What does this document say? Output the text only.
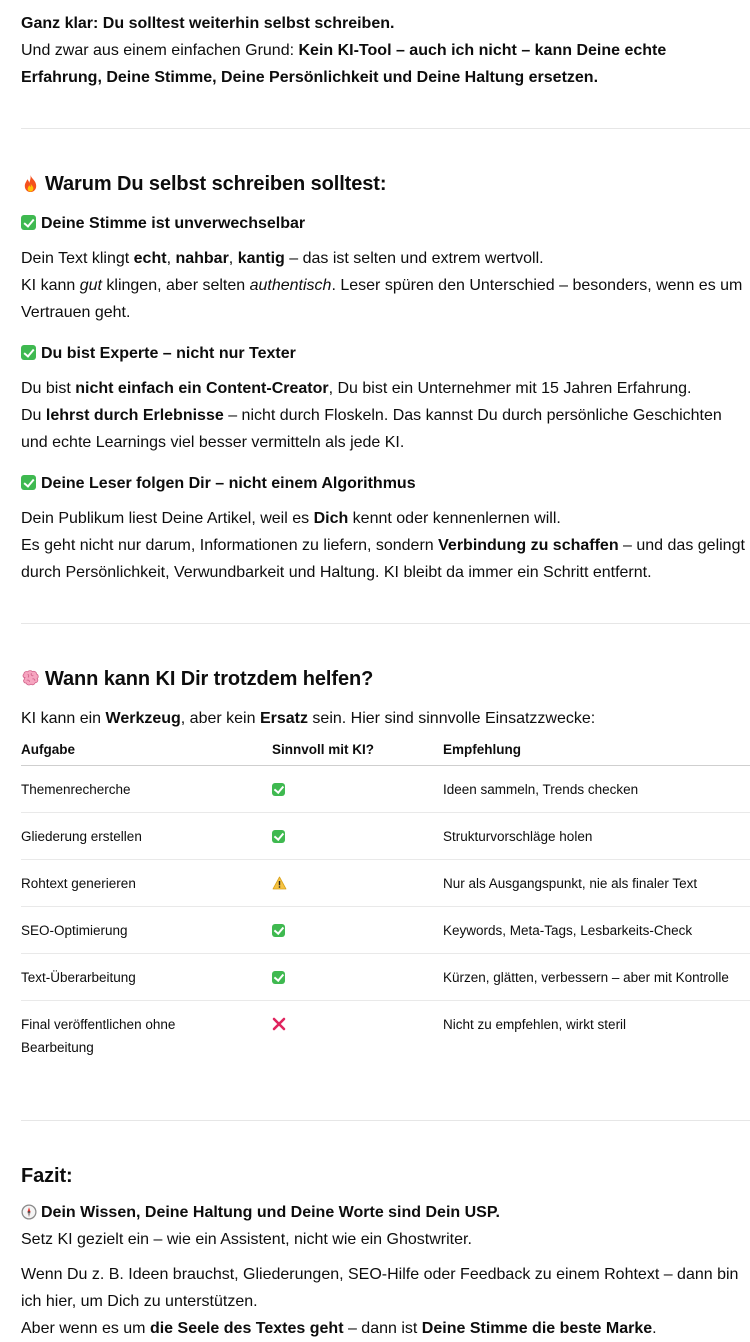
Ganz klar: Du solltest weiterhin selbst schreiben.

Und zwar aus einem einfachen Grund: Kein KI-Tool – auch ich nicht – kann Deine echte Erfahrung, Deine Stimme, Deine Persönlichkeit und Deine Haltung ersetzen.

Warum Du selbst schreiben solltest:
Deine Stimme ist unverwechselbar

Dein Text klingt echt, nahbar, kantig – das ist selten und extrem wertvoll.

KI kann gut klingen, aber selten authentisch. Leser spüren den Unterschied – besonders, wenn es um Vertrauen geht.

Du bist Experte – nicht nur Texter

Du bist nicht einfach ein Content-Creator, Du bist ein Unternehmer mit 15 Jahren Erfahrung.

Du lehrst durch Erlebnisse – nicht durch Floskeln. Das kannst Du durch persönliche Geschichten und echte Learnings viel besser vermitteln als jede KI.

Deine Leser folgen Dir – nicht einem Algorithmus

Dein Publikum liest Deine Artikel, weil es Dich kennt oder kennenlernen will.

Es geht nicht nur darum, Informationen zu liefern, sondern Verbindung zu schaffen – und das gelingt durch Persönlichkeit, Verwundbarkeit und Haltung. KI bleibt da immer ein Schritt entfernt.

Wann kann KI Dir trotzdem helfen?

KI kann ein Werkzeug, aber kein Ersatz sein. Hier sind sinnvolle Einsatzzwecke:

Aufgabe	Sinnvoll mit KI?	Empfehlung
Themenrecherche		Ideen sammeln, Trends checken
Gliederung erstellen		Strukturvorschläge holen
Rohtext generieren		Nur als Ausgangspunkt, nie als finaler Text
SEO-Optimierung		Keywords, Meta-Tags, Lesbarkeits-Check
Text-Überarbeitung		Kürzen, glätten, verbessern – aber mit Kontrolle
Final veröffentlichen ohne Bearbeitung		Nicht zu empfehlen, wirkt steril
Fazit:

Dein Wissen, Deine Haltung und Deine Worte sind Dein USP.

Setz KI gezielt ein – wie ein Assistent, nicht wie ein Ghostwriter.

Wenn Du z. B. Ideen brauchst, Gliederungen, SEO-Hilfe oder Feedback zu einem Rohtext – dann bin ich hier, um Dich zu unterstützen.

Aber wenn es um die Seele des Textes geht – dann ist Deine Stimme die beste Marke.
